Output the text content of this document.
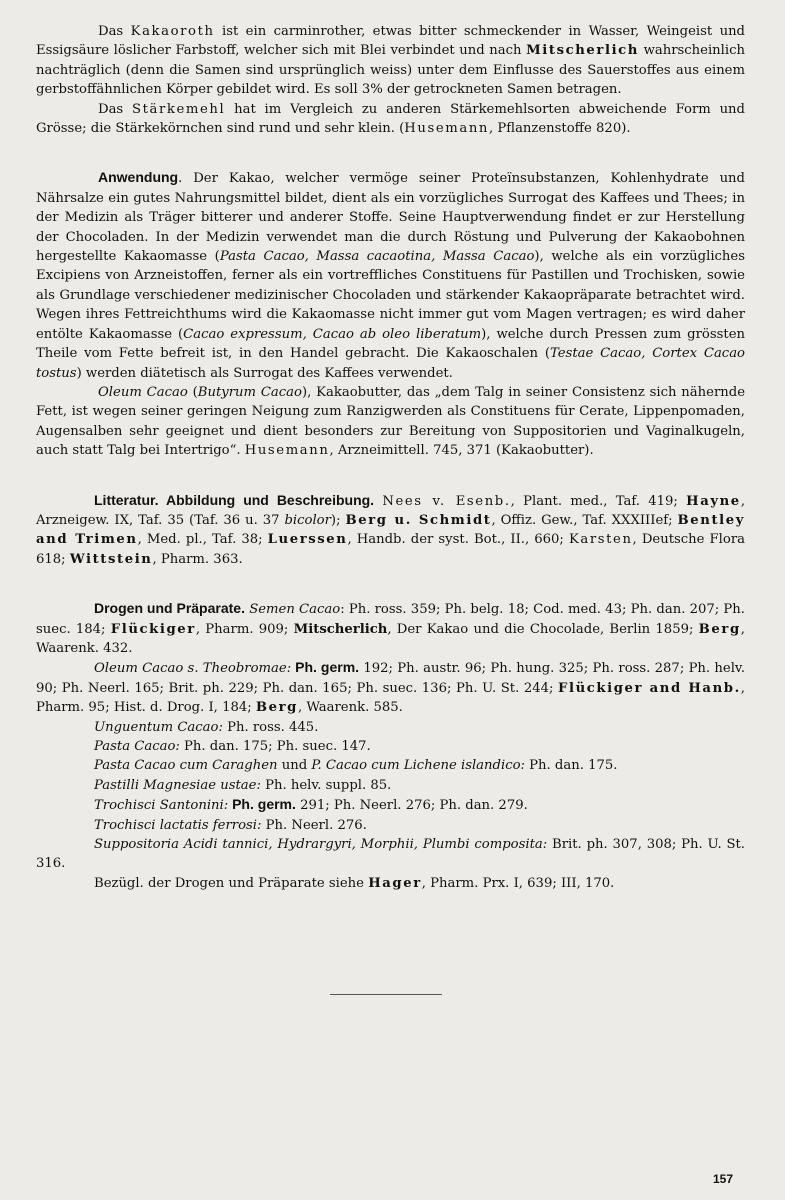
Das Kakaoroth ist ein carminrother, etwas bitter schmeckender in Wasser, Weingeist und Essigsäure löslicher Farbstoff, welcher sich mit Blei verbindet und nach Mitscherlich wahrscheinlich nachträglich (denn die Samen sind ursprünglich weiss) unter dem Einflusse des Sauerstoffes aus einem gerbstoffähnlichen Körper gebildet wird. Es soll 3% der getrockneten Samen betragen.

Das Stärkemehl hat im Vergleich zu anderen Stärkemehlsorten abweichende Form und Grösse; die Stärkekörnchen sind rund und sehr klein. (Husemann, Pflanzenstoffe 820).

Anwendung. Der Kakao, welcher vermöge seiner Proteïnsubstanzen, Kohlenhydrate und Nährsalze ein gutes Nahrungsmittel bildet, dient als ein vorzügliches Surrogat des Kaffees und Thees; in der Medizin als Träger bitterer und anderer Stoffe. Seine Hauptverwendung findet er zur Herstellung der Chocoladen. In der Medizin verwendet man die durch Röstung und Pulverung der Kakaobohnen hergestellte Kakaomasse (Pasta Cacao, Massa cacaotina, Massa Cacao), welche als ein vorzügliches Excipiens von Arzneistoffen, ferner als ein vortreffliches Constituens für Pastillen und Trochisken, sowie als Grundlage verschiedener medizinischer Chocoladen und stärkender Kakaopräparate betrachtet wird. Wegen ihres Fettreichthums wird die Kakaomasse nicht immer gut vom Magen vertragen; es wird daher entölte Kakaomasse (Cacao expressum, Cacao ab oleo liberatum), welche durch Pressen zum grössten Theile vom Fette befreit ist, in den Handel gebracht. Die Kakaoschalen (Testae Cacao, Cortex Cacao tostus) werden diätetisch als Surrogat des Kaffees verwendet.

Oleum Cacao (Butyrum Cacao), Kakaobutter, das „dem Talg in seiner Consistenz sich nähernde Fett, ist wegen seiner geringen Neigung zum Ranzigwerden als Constituens für Cerate, Lippenpomaden, Augensalben sehr geeignet und dient besonders zur Bereitung von Suppositorien und Vaginalkugeln, auch statt Talg bei Intertrigo“. Husemann, Arzneimittell. 745, 371 (Kakaobutter).

Litteratur. Abbildung und Beschreibung. Nees v. Esenb., Plant. med., Taf. 419; Hayne, Arzneigew. IX, Taf. 35 (Taf. 36 u. 37 bicolor); Berg u. Schmidt, Offiz. Gew., Taf. XXXIIIef; Bentley and Trimen, Med. pl., Taf. 38; Luerssen, Handb. der syst. Bot., II., 660; Karsten, Deutsche Flora 618; Wittstein, Pharm. 363.

Drogen und Präparate. Semen Cacao: Ph. ross. 359; Ph. belg. 18; Cod. med. 43; Ph. dan. 207; Ph. suec. 184; Flückiger, Pharm. 909; Mitscherlich, Der Kakao und die Chocolade, Berlin 1859; Berg, Waarenk. 432.

Oleum Cacao s. Theobromae: Ph. germ. 192; Ph. austr. 96; Ph. hung. 325; Ph. ross. 287; Ph. helv. 90; Ph. Neerl. 165; Brit. ph. 229; Ph. dan. 165; Ph. suec. 136; Ph. U. St. 244; Flückiger and Hanb., Pharm. 95; Hist. d. Drog. I, 184; Berg, Waarenk. 585.

Unguentum Cacao: Ph. ross. 445.

Pasta Cacao: Ph. dan. 175; Ph. suec. 147.

Pasta Cacao cum Caraghen und P. Cacao cum Lichene islandico: Ph. dan. 175.

Pastilli Magnesiae ustae: Ph. helv. suppl. 85.

Trochisci Santonini: Ph. germ. 291; Ph. Neerl. 276; Ph. dan. 279.

Trochisci lactatis ferrosi: Ph. Neerl. 276.

Suppositoria Acidi tannici, Hydrargyri, Morphii, Plumbi composita: Brit. ph. 307, 308; Ph. U. St. 316.

Bezügl. der Drogen und Präparate siehe Hager, Pharm. Prx. I, 639; III, 170.

157
